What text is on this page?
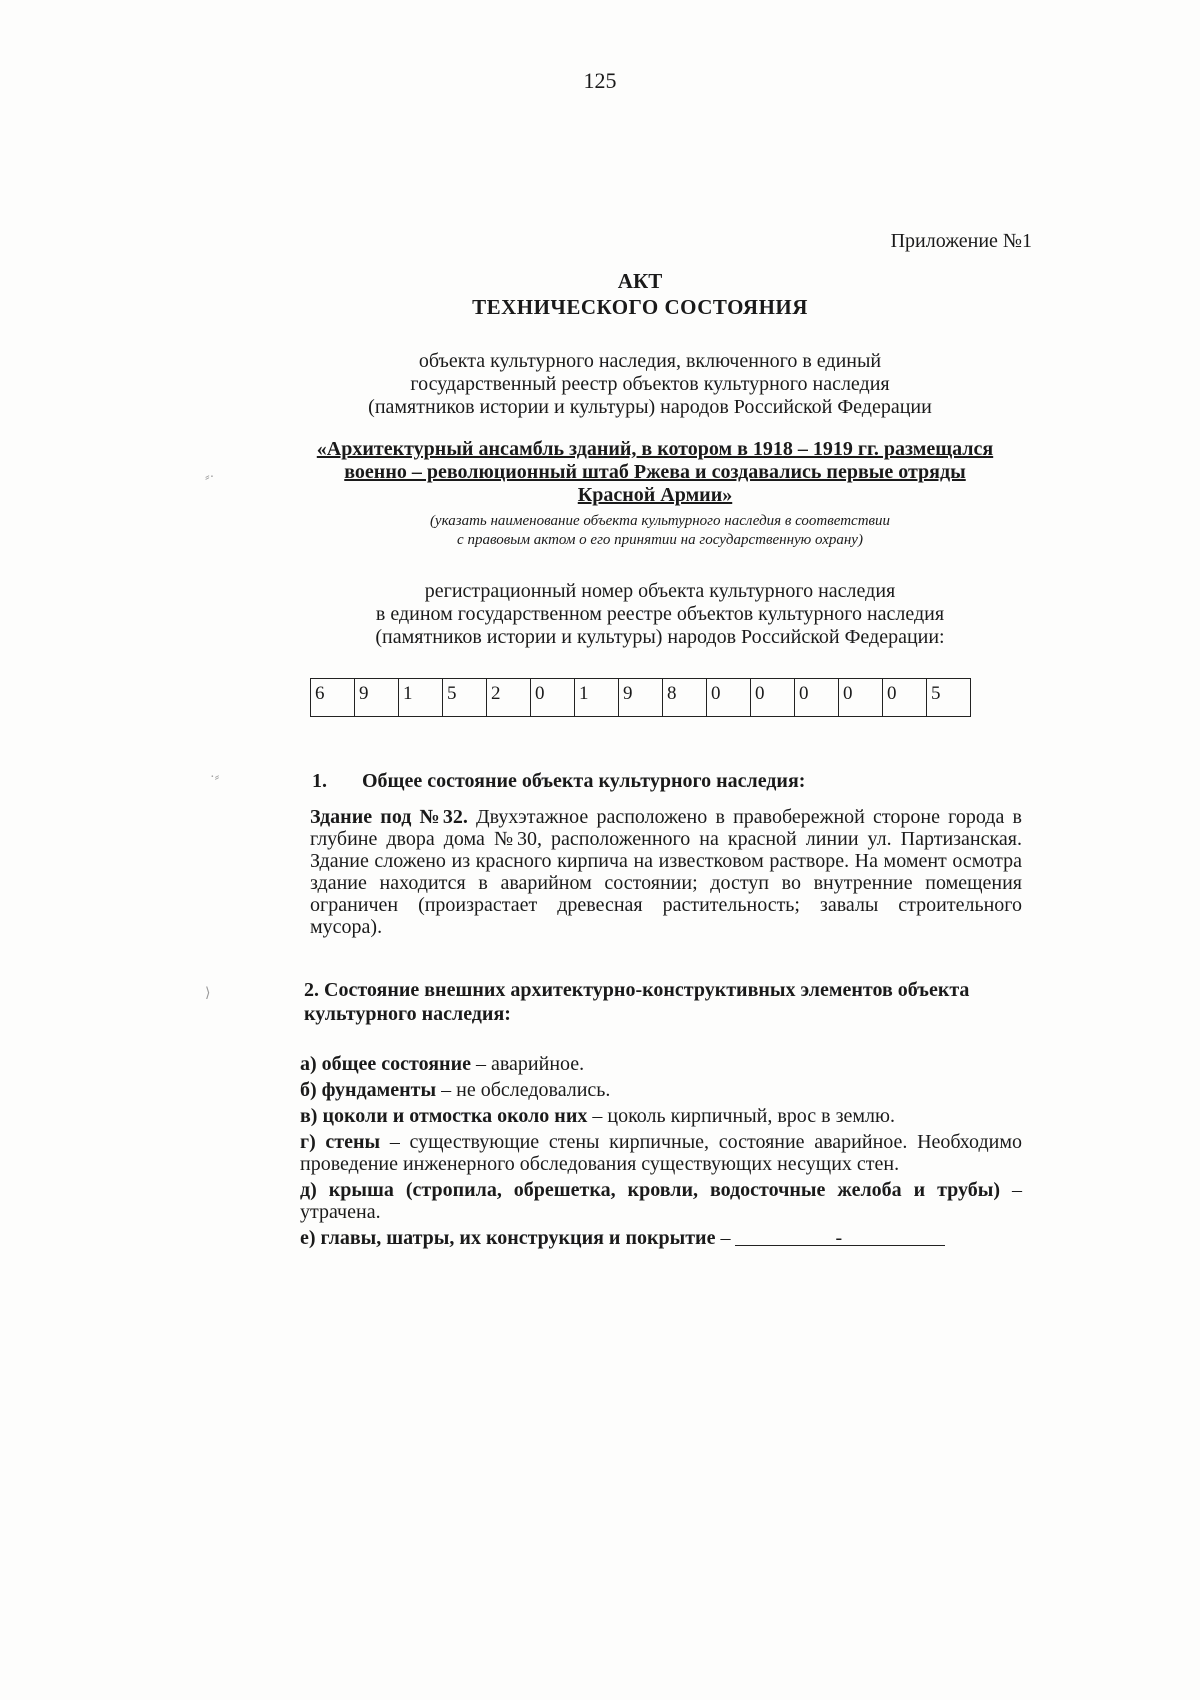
125
Приложение №1
АКТ
ТЕХНИЧЕСКОГО СОСТОЯНИЯ
объекта культурного наследия, включенного в единый
государственный реестр объектов культурного наследия
(памятников истории и культуры) народов Российской Федерации
«Архитектурный ансамбль зданий, в котором в 1918 – 1919 гг. размещался
военно – революционный штаб Ржева и создавались первые отряды
Красной Армии»
(указать наименование объекта культурного наследия в соответствии
с правовым актом о его принятии на государственную охрану)
регистрационный номер объекта культурного наследия
в едином государственном реестре объектов культурного наследия
(памятников истории и культуры) народов Российской Федерации:
6	9	1	5	2	0	1	9	8	0	0	0	0	0	5
1. Общее состояние объекта культурного наследия:
Здание под №32. Двухэтажное расположено в правобережной стороне города в глубине двора дома №30, расположенного на красной линии ул. Партизанская. Здание сложено из красного кирпича на известковом растворе. На момент осмотра здание находится в аварийном состоянии; доступ во внутренние помещения ограничен (произрастает древесная растительность; завалы строительного мусора).
2. Состояние внешних архитектурно-конструктивных элементов объекта культурного наследия:
а) общее состояние – аварийное.
б) фундаменты – не обследовались.
в) цоколи и отмостка около них – цоколь кирпичный, врос в землю.
г) стены – существующие стены кирпичные, состояние аварийное. Необходимо проведение инженерного обследования существующих несущих стен.
д) крыша (стропила, обрешетка, кровли, водосточные желоба и трубы) – утрачена.
е) главы, шатры, их конструкция и покрытие –	-
⸗·
·⸗
⟩
